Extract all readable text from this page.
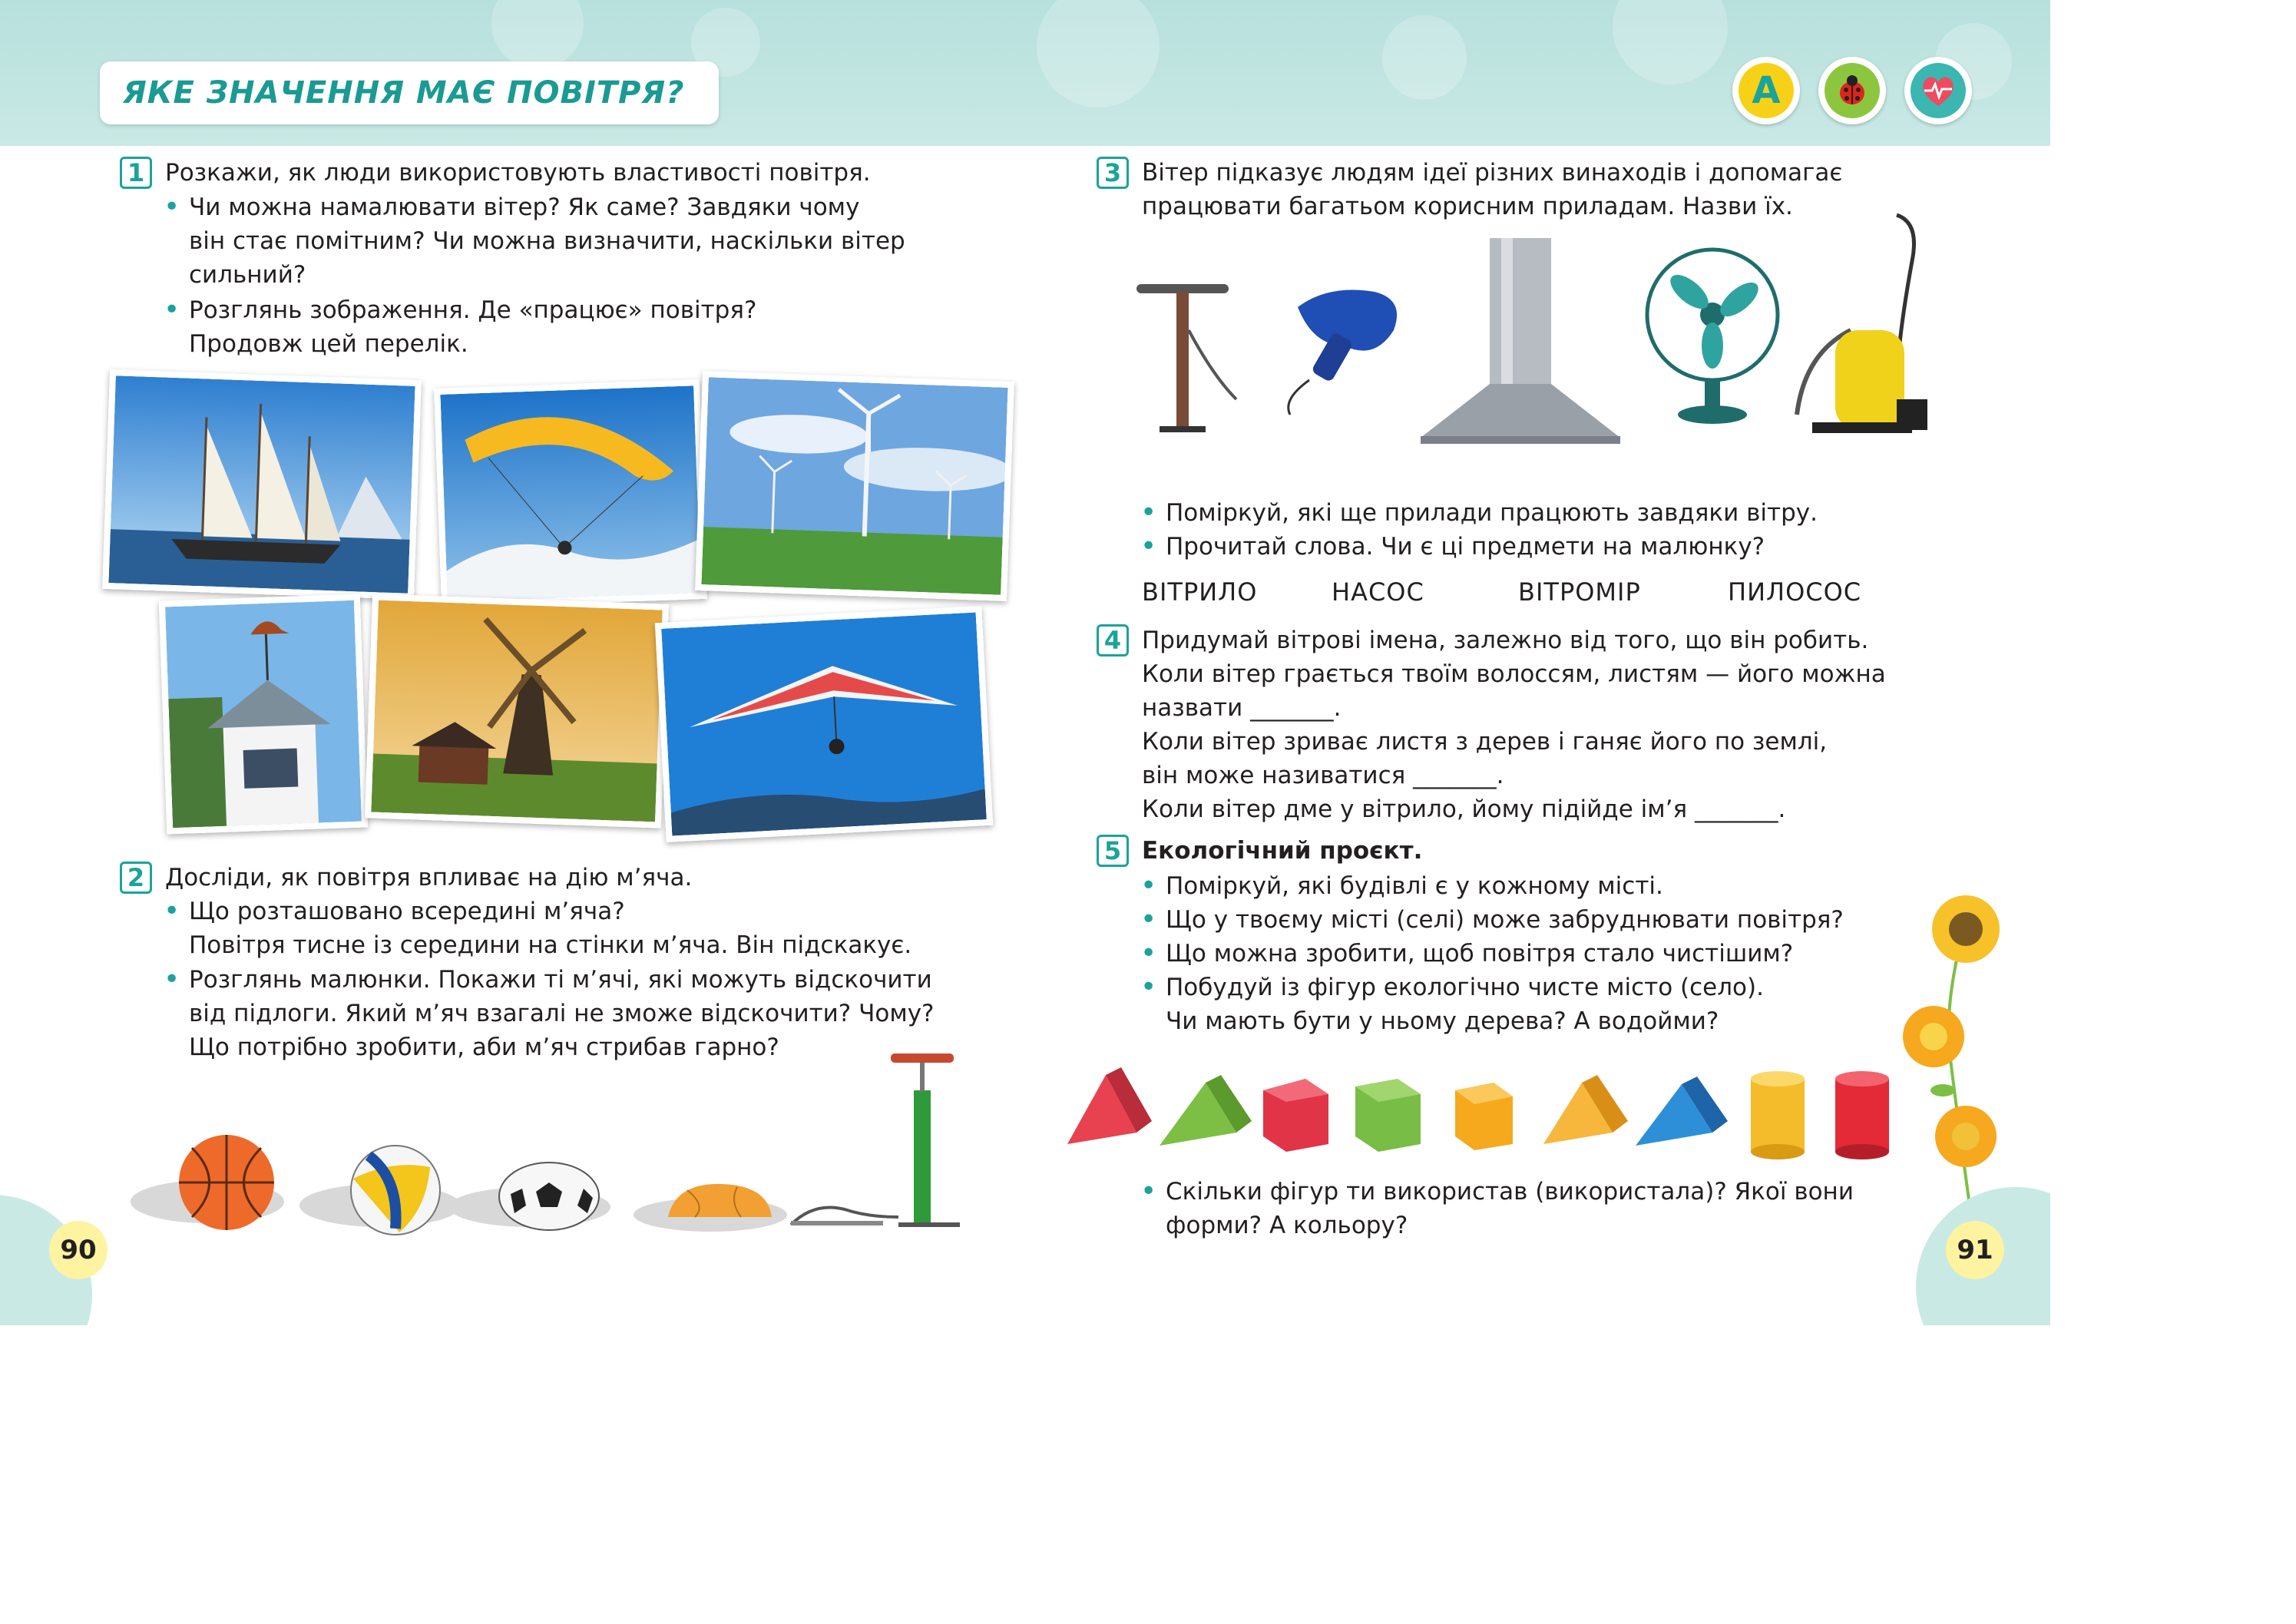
ЯКЕ ЗНАЧЕННЯ МАЄ ПОВІТРЯ?	A
1 Розкажи, як люди використовують властивості повітря.
• Чи можна намалювати вітер? Як саме? Завдяки чому
він стає помітним? Чи можна визначити, наскільки вітер
сильний?
• Розглянь зображення. Де «працює» повітря?
Продовж цей перелік.
2 Досліди, як повітря впливає на дію м’яча.
• Що розташовано всередині м’яча?
Повітря тисне із середини на стінки м’яча. Він підскакує.
• Розглянь малюнки. Покажи ті м’ячі, які можуть відскочити
від підлоги. Який м’яч взагалі не зможе відскочити? Чому?
Що потрібно зробити, аби м’яч стрибав гарно?
90
3 Вітер підказує людям ідеї різних винаходів і допомагає
працювати багатьом корисним приладам. Назви їх.
• Поміркуй, які ще прилади працюють завдяки вітру.
• Прочитай слова. Чи є ці предмети на малюнку?
ВІТРИЛО	НАСОС	ВІТРОМІР	ПИЛОСОС
4 Придумай вітрові імена, залежно від того, що він робить.
Коли вітер грається твоїм волоссям, листям — його можна
назвати _______.
Коли вітер зриває листя з дерев і ганяє його по землі,
він може називатися _______.
Коли вітер дме у вітрило, йому підійде ім’я _______.
5 Екологічний проєкт.
• Поміркуй, які будівлі є у кожному місті.
• Що у твоєму місті (селі) може забруднювати повітря?
• Що можна зробити, щоб повітря стало чистішим?
• Побудуй із фігур екологічно чисте місто (село).
Чи мають бути у ньому дерева? А водойми?
• Скільки фігур ти використав (використала)? Якої вони
форми? А кольору?
91
